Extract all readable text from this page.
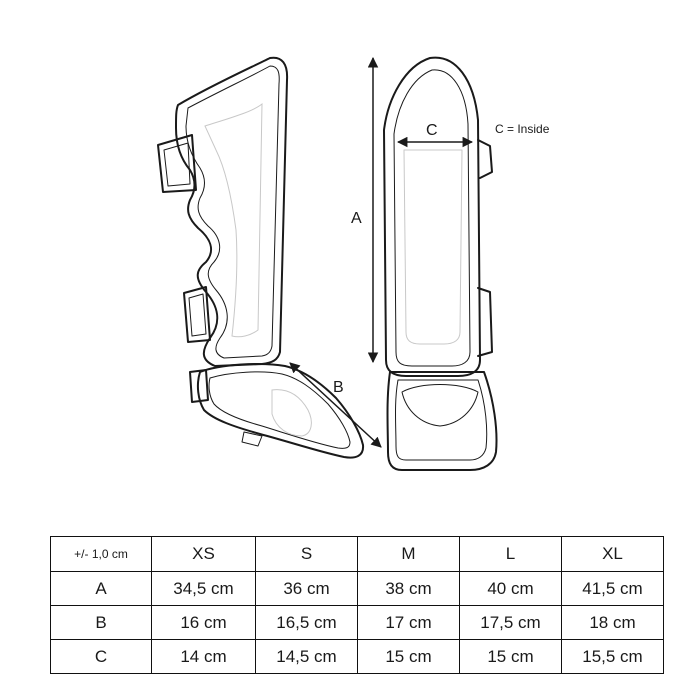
A
B
C	C = Inside
+/- 1,0 cm	XS	S	M	L	XL
A	34,5 cm	36 cm	38 cm	40 cm	41,5 cm
B	16 cm	16,5 cm	17 cm	17,5 cm	18 cm
C	14 cm	14,5 cm	15 cm	15 cm	15,5 cm
